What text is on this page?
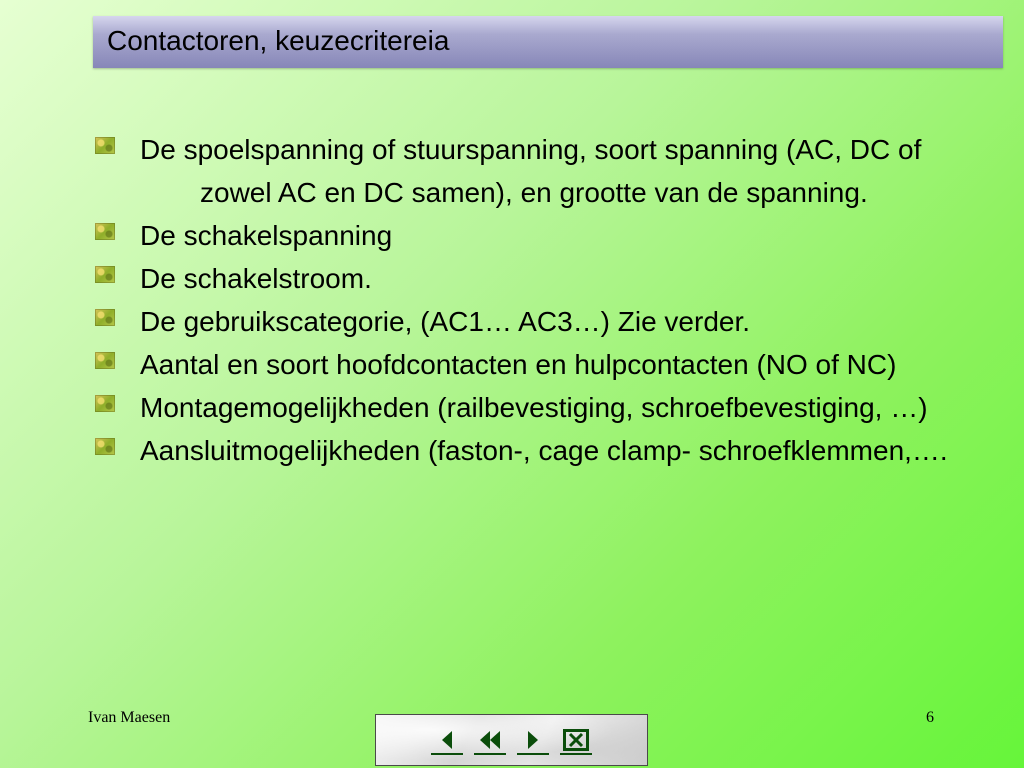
Contactoren, keuzecritereia
De spoelspanning of stuurspanning, soort spanning (AC, DC of zowel AC en DC samen), en grootte van de spanning.
De schakelspanning
De schakelstroom.
De gebruikscategorie, (AC1… AC3…) Zie verder.
Aantal en soort hoofdcontacten en hulpcontacten (NO of NC)
Montagemogelijkheden (railbevestiging, schroefbevestiging, …)
Aansluitmogelijkheden (faston-, cage clamp- schroefklemmen,….
Ivan Maesen	6
